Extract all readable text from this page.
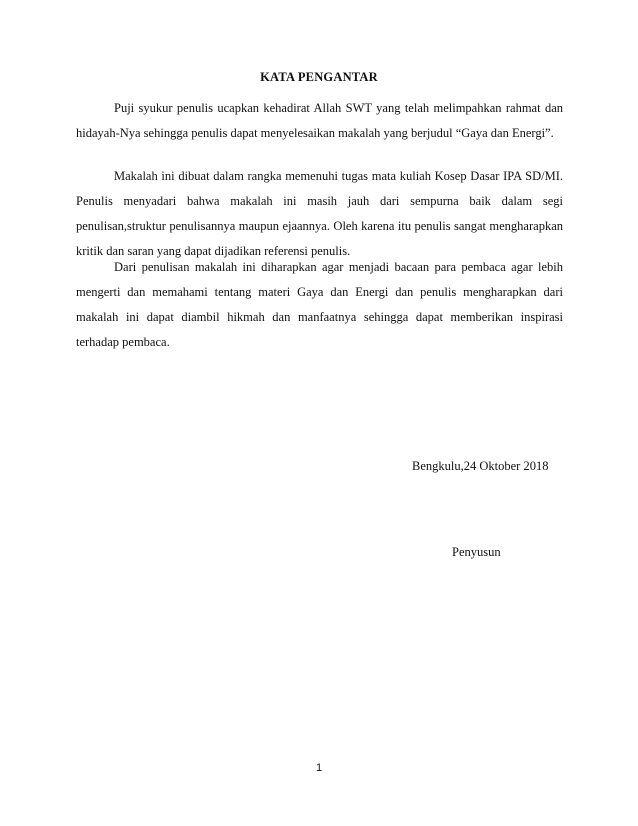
KATA PENGANTAR

Puji syukur penulis ucapkan kehadirat Allah SWT yang telah melimpahkan rahmat dan hidayah-Nya sehingga penulis dapat menyelesaikan makalah yang berjudul “Gaya dan Energi”.

Makalah ini dibuat dalam rangka memenuhi tugas mata kuliah Kosep Dasar IPA SD/MI. Penulis menyadari bahwa makalah ini masih jauh dari sempurna baik dalam segi penulisan,struktur penulisannya maupun ejaannya. Oleh karena itu penulis sangat mengharapkan kritik dan saran yang dapat dijadikan referensi penulis.

Dari penulisan makalah ini diharapkan agar menjadi bacaan para pembaca agar lebih mengerti dan memahami tentang materi Gaya dan Energi dan penulis mengharapkan dari makalah ini dapat diambil hikmah dan manfaatnya sehingga dapat memberikan inspirasi terhadap pembaca.

Bengkulu,24 Oktober 2018
Penyusun
1
